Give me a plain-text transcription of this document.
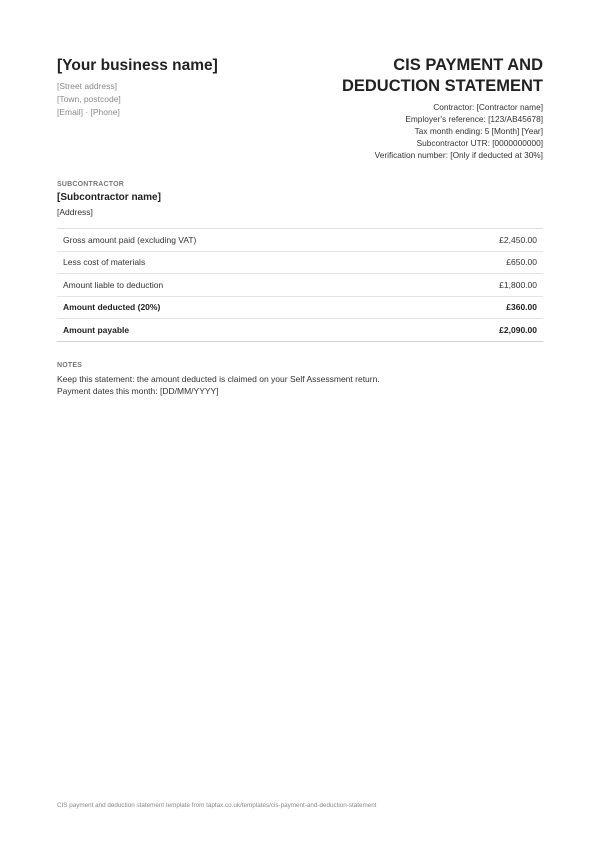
[Your business name]
[Street address]
[Town, postcode]
[Email] · [Phone]
CIS PAYMENT AND
DEDUCTION STATEMENT
Contractor: [Contractor name]
Employer's reference: [123/AB45678]
Tax month ending: 5 [Month] [Year]
Subcontractor UTR: [0000000000]
Verification number: [Only if deducted at 30%]
SUBCONTRACTOR
[Subcontractor name]
[Address]
Gross amount paid (excluding VAT)	£2,450.00
Less cost of materials	£650.00
Amount liable to deduction	£1,800.00
Amount deducted (20%)	£360.00
Amount payable	£2,090.00
NOTES
Keep this statement: the amount deducted is claimed on your Self Assessment return.
Payment dates this month: [DD/MM/YYYY]
CIS payment and deduction statement template from taptax.co.uk/templates/cis-payment-and-deduction-statement
